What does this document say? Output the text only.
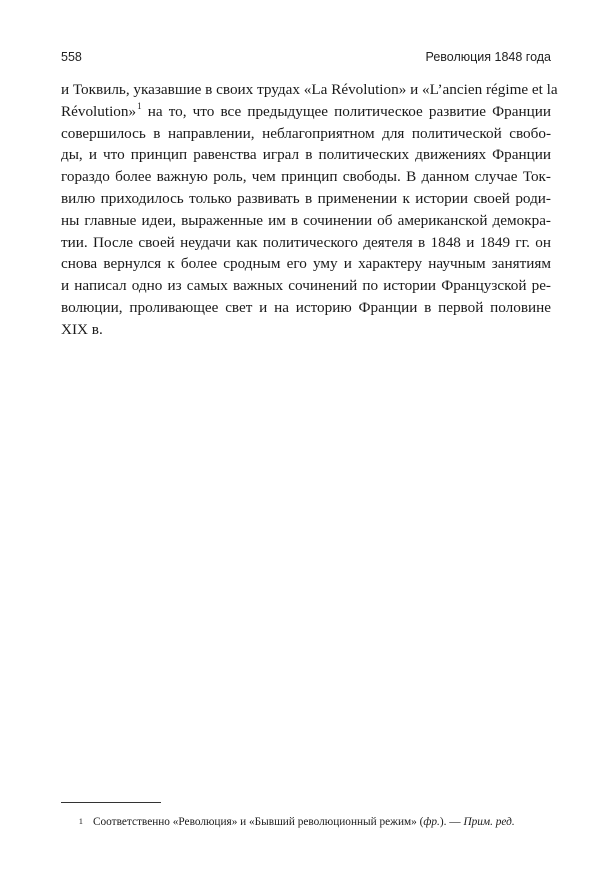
558	Революция 1848 года
и Токвиль, указавшие в своих трудах «La Révolution» и «L’ancien régime et la
Révolution»$^1$ на то, что все предыдущее политическое развитие Франции
совершилось в направлении, неблагоприятном для политической свобо-
ды, и что принцип равенства играл в политических движениях Франции
гораздо более важную роль, чем принцип свободы. В данном случае Ток-
вилю приходилось только развивать в применении к истории своей роди-
ны главные идеи, выраженные им в сочинении об американской демокра-
тии. После своей неудачи как политического деятеля в 1848 и 1849 гг. он
снова вернулся к более сродным его уму и характеру научным занятиям
и написал одно из самых важных сочинений по истории Французской ре-
волюции, проливающее свет и на историю Франции в первой половине
XIX в.
1 Соответственно «Революция» и «Бывший революционный режим» (фр.). — Прим. ред.
